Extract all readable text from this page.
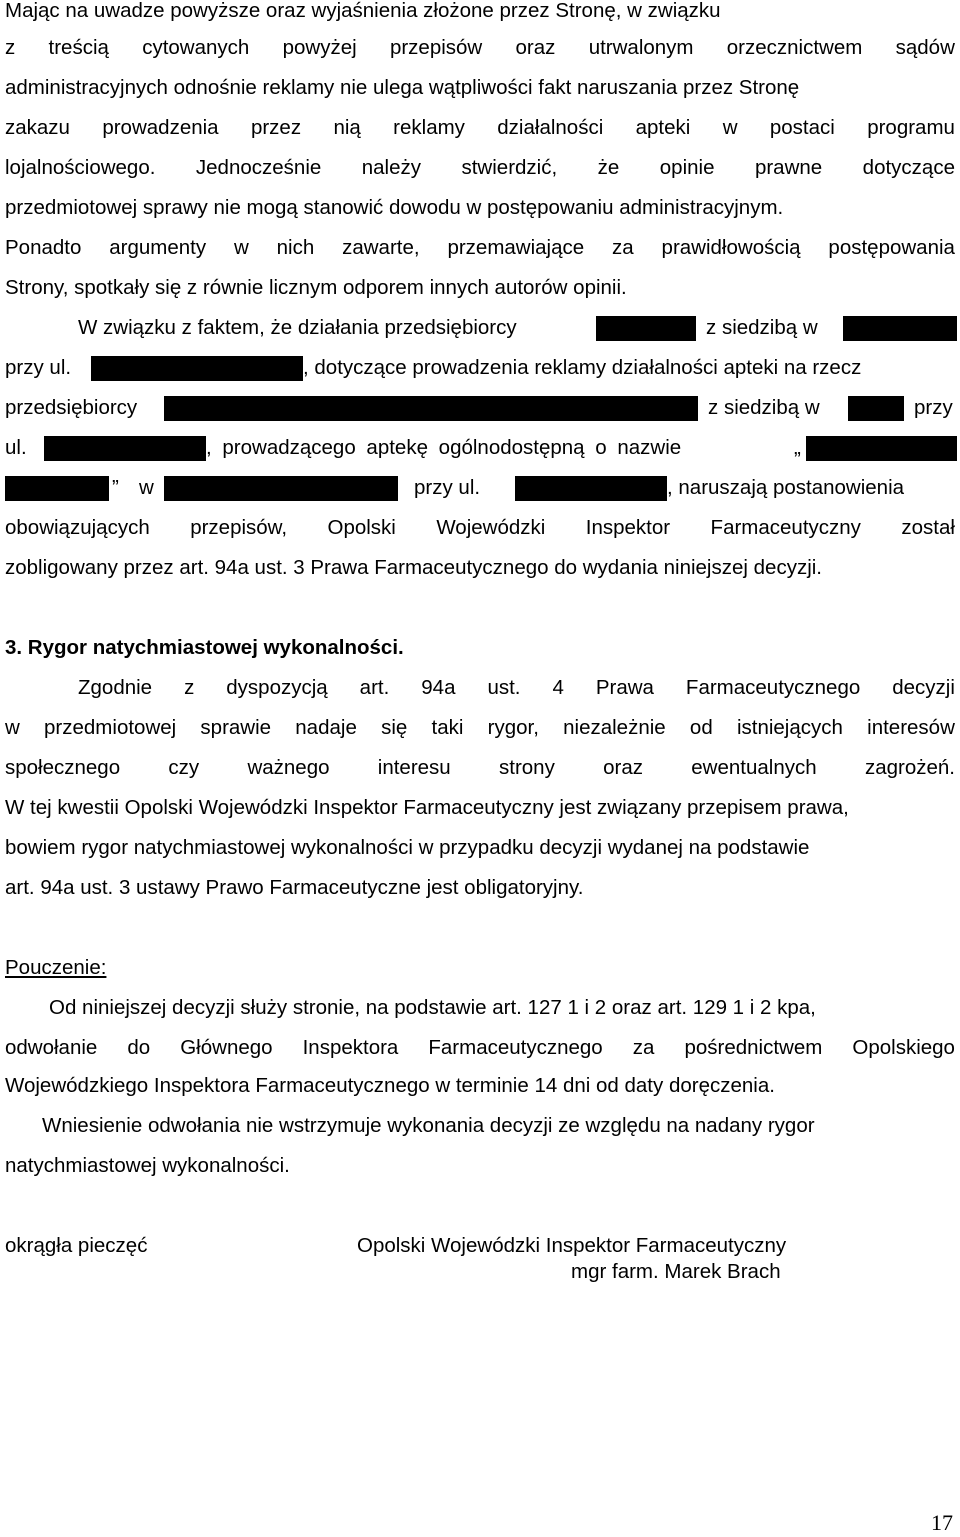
Mając na uwadze powyższe oraz wyjaśnienia złożone przez Stronę, w związku
z treścią cytowanych powyżej przepisów oraz utrwalonym orzecznictwem sądów
administracyjnych odnośnie reklamy nie ulega wątpliwości fakt naruszania przez Stronę
zakazu prowadzenia przez nią reklamy działalności apteki w postaci programu
lojalnościowego. Jednocześnie należy stwierdzić, że opinie prawne dotyczące
przedmiotowej sprawy nie mogą stanowić dowodu w postępowaniu administracyjnym.
Ponadto argumenty w nich zawarte, przemawiające za prawidłowością postępowania
Strony, spotkały się z równie licznym odporem innych autorów opinii.
W związku z faktem, że działania przedsiębiorcy	z siedzibą w
przy ul.	, dotyczące prowadzenia reklamy działalności apteki na rzecz
przedsiębiorcy	z siedzibą w	przy
ul.	, prowadzącego aptekę ogólnodostępną o nazwie	„
” w	przy ul.	, naruszają postanowienia
obowiązujących przepisów, Opolski Wojewódzki Inspektor Farmaceutyczny został
zobligowany przez art. 94a ust. 3 Prawa Farmaceutycznego do wydania niniejszej decyzji.
3. Rygor natychmiastowej wykonalności.
Zgodnie z dyspozycją art. 94a ust. 4 Prawa Farmaceutycznego decyzji
w przedmiotowej sprawie nadaje się taki rygor, niezależnie od istniejących interesów
społecznego czy ważnego interesu strony oraz ewentualnych zagrożeń.
W tej kwestii Opolski Wojewódzki Inspektor Farmaceutyczny jest związany przepisem prawa,
bowiem rygor natychmiastowej wykonalności w przypadku decyzji wydanej na podstawie
art. 94a ust. 3 ustawy Prawo Farmaceutyczne jest obligatoryjny.
Pouczenie:
Od niniejszej decyzji służy stronie, na podstawie art. 127 1 i 2 oraz art. 129 1 i 2 kpa,
odwołanie do Głównego Inspektora Farmaceutycznego za pośrednictwem Opolskiego
Wojewódzkiego Inspektora Farmaceutycznego w terminie 14 dni od daty doręczenia.
Wniesienie odwołania nie wstrzymuje wykonania decyzji ze względu na nadany rygor
natychmiastowej wykonalności.
okrągła pieczęć	Opolski Wojewódzki Inspektor Farmaceutyczny
mgr farm. Marek Brach
17
